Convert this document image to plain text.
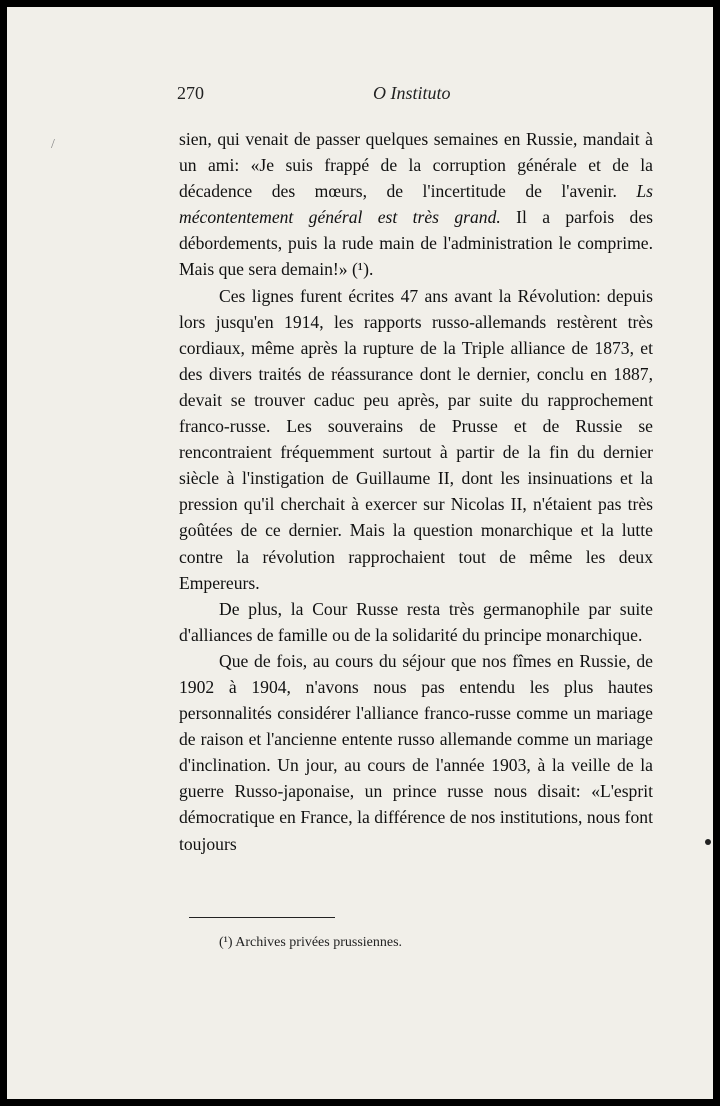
270	O Instituto

sien, qui venait de passer quelques semaines en Russie, mandait à un ami: «Je suis frappé de la corruption générale et de la décadence des mœurs, de l'incertitude de l'avenir. Ls mécontentement général est très grand. Il a parfois des débordements, puis la rude main de l'administration le comprime. Mais que sera demain!» (¹).

Ces lignes furent écrites 47 ans avant la Révolution: depuis lors jusqu'en 1914, les rapports russo-allemands restèrent très cordiaux, même après la rupture de la Triple alliance de 1873, et des divers traités de réassurance dont le dernier, conclu en 1887, devait se trouver caduc peu après, par suite du rapprochement franco-russe. Les souverains de Prusse et de Russie se rencontraient fréquemment surtout à partir de la fin du dernier siècle à l'instigation de Guillaume II, dont les insinuations et la pression qu'il cherchait à exercer sur Nicolas II, n'étaient pas très goûtées de ce dernier. Mais la question monarchique et la lutte contre la révolution rapprochaient tout de même les deux Empereurs.

De plus, la Cour Russe resta très germanophile par suite d'alliances de famille ou de la solidarité du principe monarchique.

Que de fois, au cours du séjour que nos fîmes en Russie, de 1902 à 1904, n'avons nous pas entendu les plus hautes personnalités considérer l'alliance franco-russe comme un mariage de raison et l'ancienne entente russo allemande comme un mariage d'inclination. Un jour, au cours de l'année 1903, à la veille de la guerre Russo-japonaise, un prince russe nous disait: «L'esprit démocratique en France, la différence de nos institutions, nous font toujours

(¹) Archives privées prussiennes.
/
